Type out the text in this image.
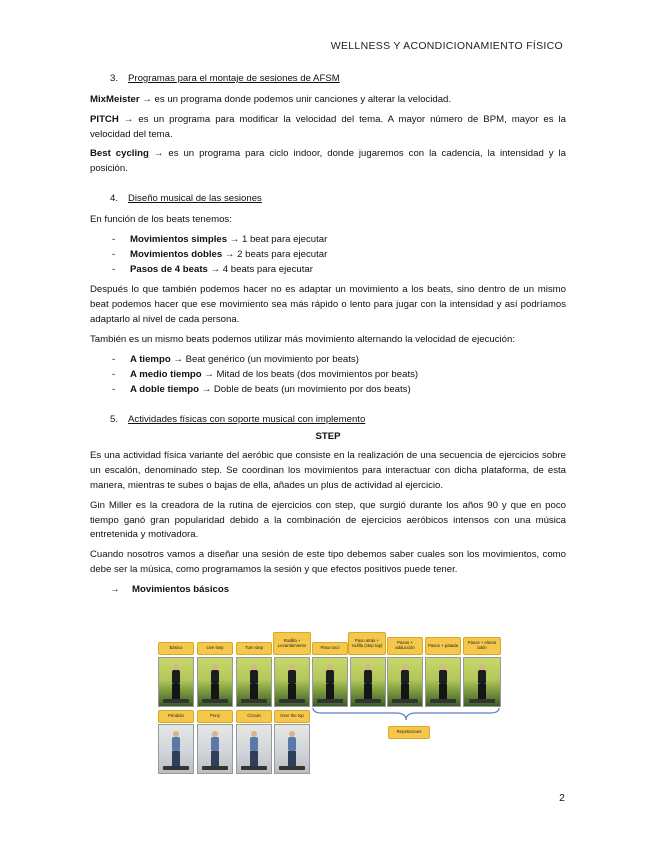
WELLNESS Y ACONDICIONAMIENTO FÍSICO
3. Programas para el montaje de sesiones de AFSM

MixMeister → es un programa donde podemos unir canciones y alterar la velocidad.

PITCH → es un programa para modificar la velocidad del tema. A mayor número de BPM, mayor es la velocidad del tema.

Best cycling → es un programa para ciclo indoor, donde jugaremos con la cadencia, la intensidad y la posición.

4. Diseño musical de las sesiones

En función de los beats tenemos:

- Movimientos simples → 1 beat para ejecutar
- Movimientos dobles → 2 beats para ejecutar
- Pasos de 4 beats → 4 beats para ejecutar

Después lo que también podemos hacer no es adaptar un movimiento a los beats, sino dentro de un mismo beat podemos hacer que ese movimiento sea más rápido o lento para jugar con la intensidad y así podríamos adaptarlo al nivel de cada persona.

También es un mismo beats podemos utilizar más movimiento alternando la velocidad de ejecución:

- A tiempo → Beat genérico (un movimiento por beats)
- A medio tiempo → Mitad de los beats (dos movimientos por beats)
- A doble tiempo → Doble de beats (un movimiento por dos beats)
5. Actividades físicas con soporte musical con implemento
STEP

Es una actividad física variante del aeróbic que consiste en la realización de una secuencia de ejercicios sobre un escalón, denominado step. Se coordinan los movimientos para interactuar con dicha plataforma, de esta manera, mientras te subes o bajas de ella, añades un plus de actividad al ejercicio.

Gin Miller es la creadora de la rutina de ejercicios con step, que surgió durante los años 90 y que en poco tiempo ganó gran popularidad debido a la combinación de ejercicios aeróbicos intensos con una música entretenida y motivadora.

Cuando nosotros vamos a diseñar una sesión de este tipo debemos saber cuales son los movimientos, como debe ser la música, como programamos la sesión y que efectos positivos puede tener.

→ Movimientos básicos
Básico	Uve step	Turn step
Rodilla + Levantamiento
Paso toco
Paso atrás + rodilla (step tap)	Pasos + adducción	Pasos + patada	Pasos + elevar talón
Repeticiones
Péndulo	Pony	Círculo	Over the top
2
